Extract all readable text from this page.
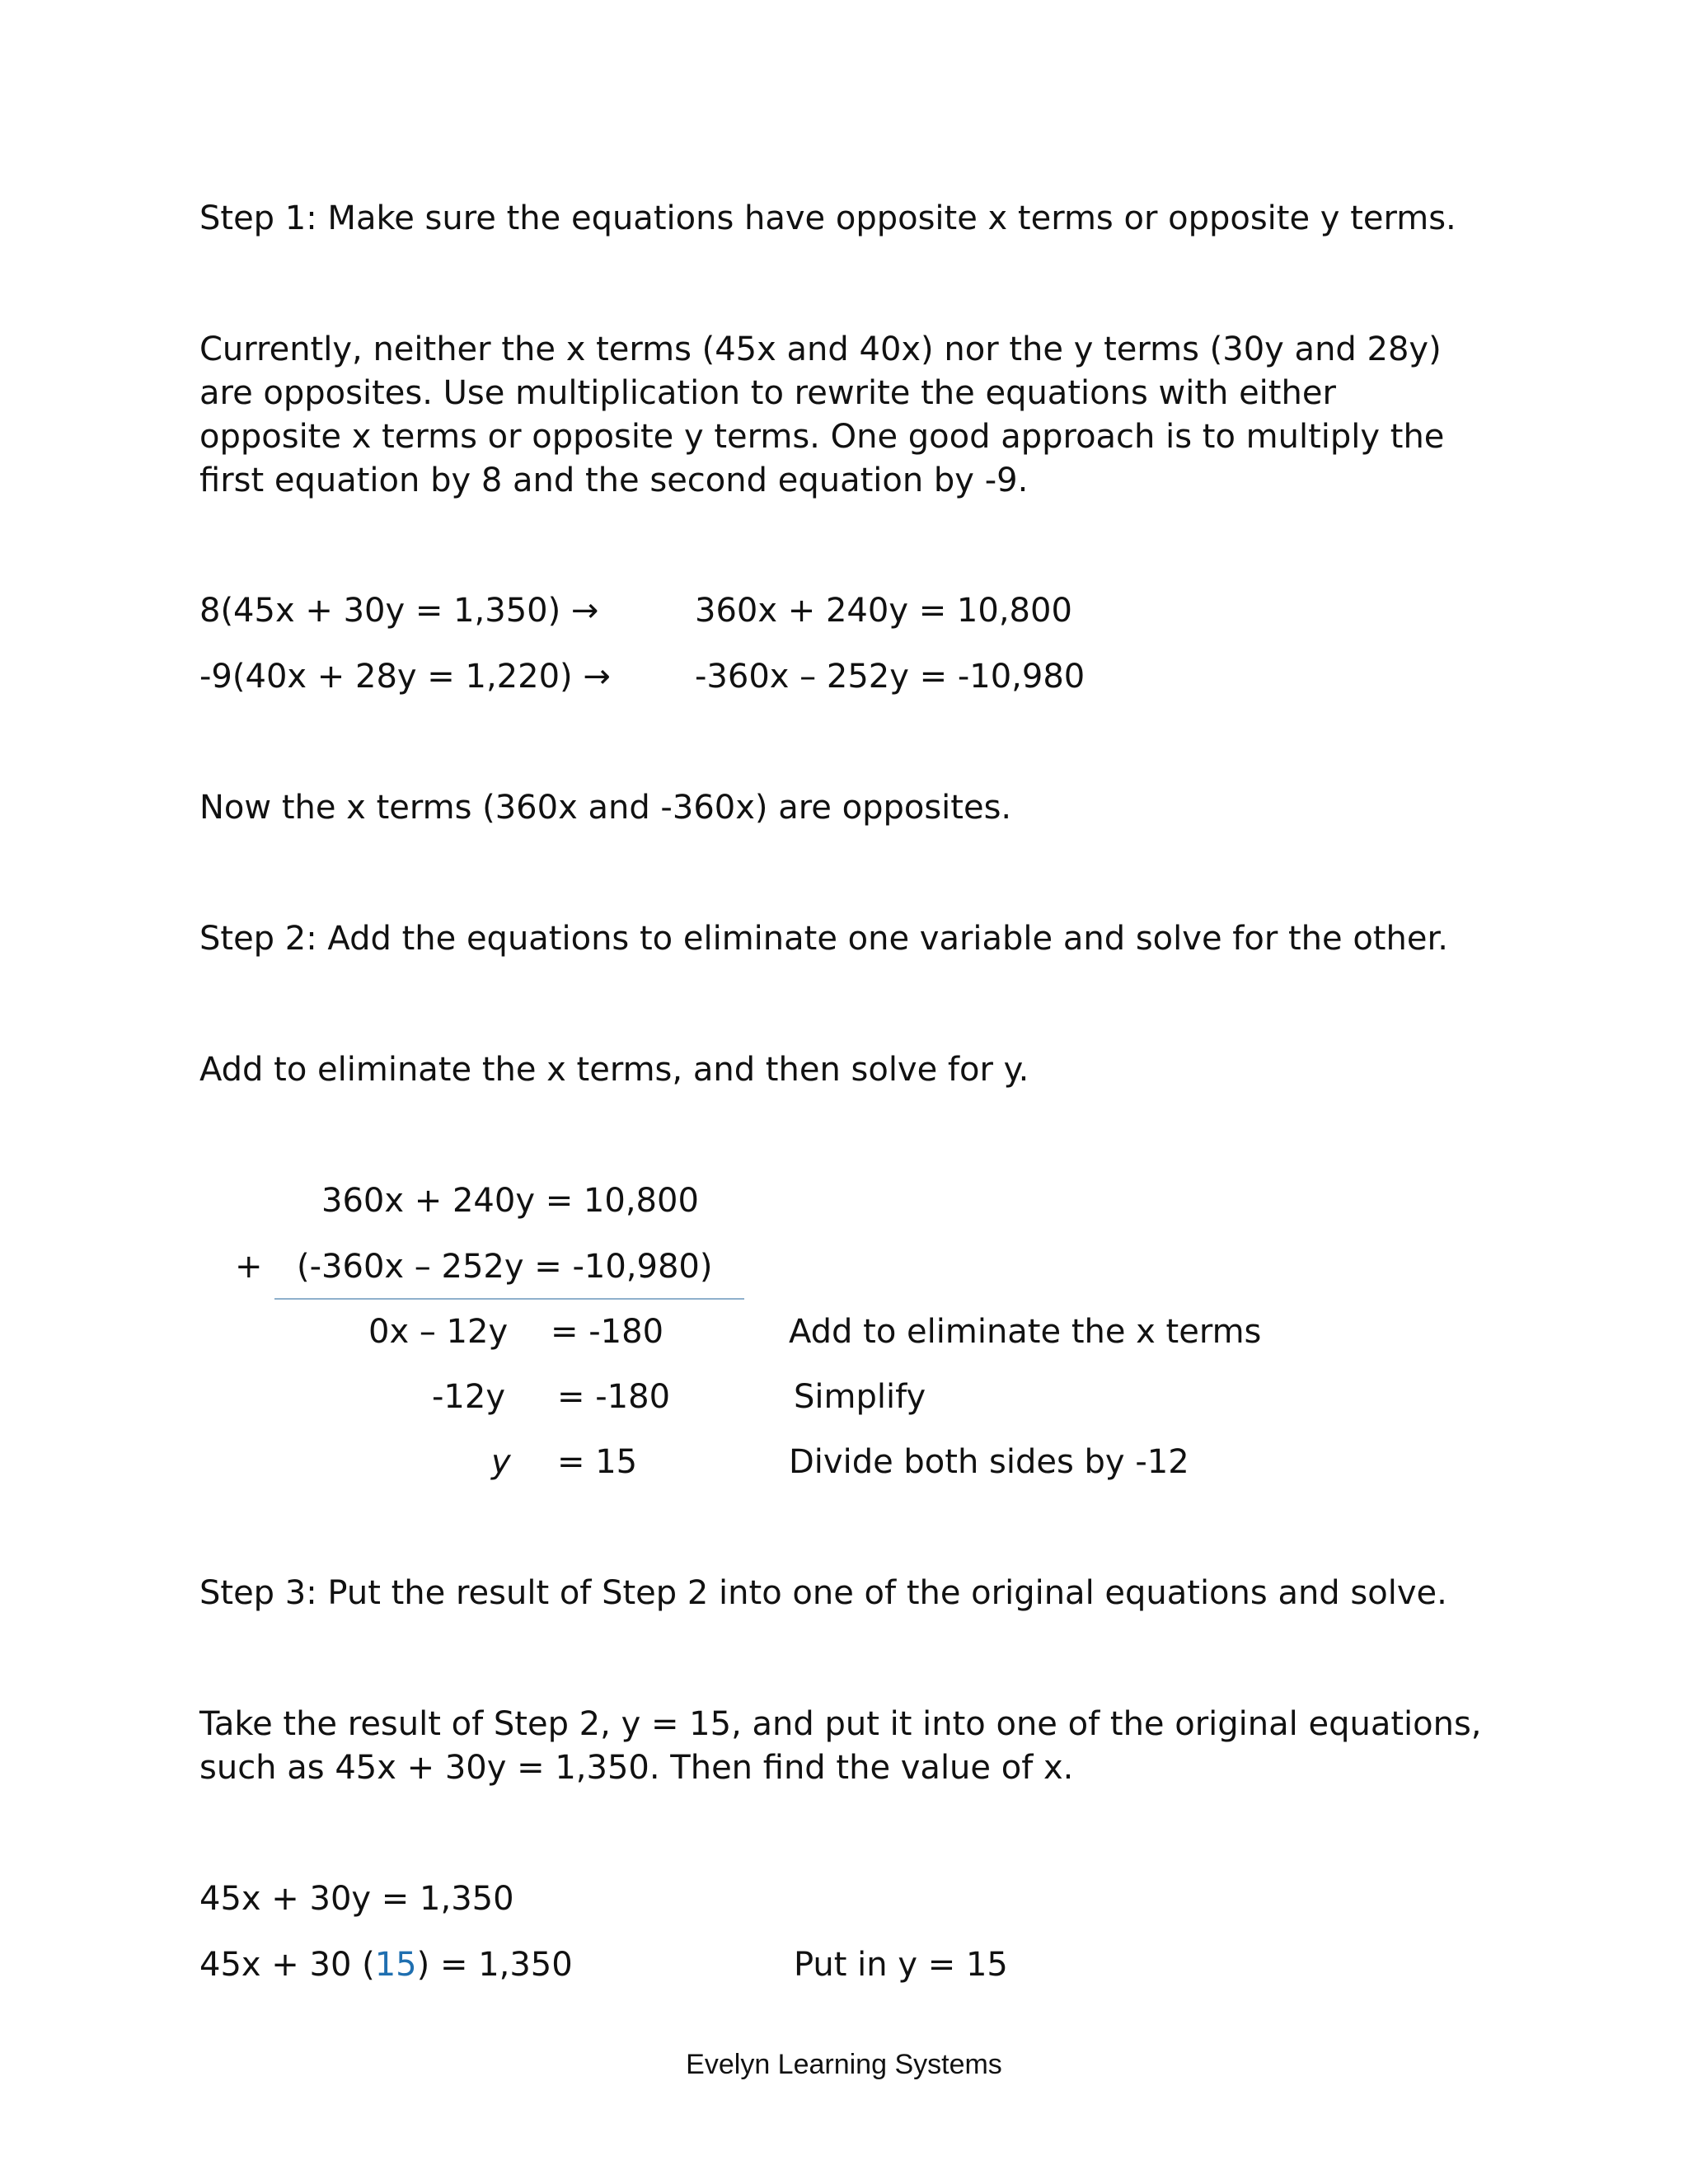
Step 1: Make sure the equations have opposite x terms or opposite y terms.

Currently, neither the x terms (45x and 40x) nor the y terms (30y and 28y) are opposites. Use multiplication to rewrite the equations with either opposite x terms or opposite y terms. One good approach is to multiply the first equation by 8 and the second equation by -9.

8(45x + 30y = 1,350) →	360x + 240y = 10,800
-9(40x + 28y = 1,220) →	-360x – 252y = -10,980
Now the x terms (360x and -360x) are opposites.
Step 2: Add the equations to eliminate one variable and solve for the other.
Add to eliminate the x terms, and then solve for y.
360x + 240y = 10,800
+ (-360x – 252y = -10,980)
0x – 12y = -180	Add to eliminate the x terms
-12y = -180	Simplify
y = 15	Divide both sides by -12
Step 3: Put the result of Step 2 into one of the original equations and solve.

Take the result of Step 2, y = 15, and put it into one of the original equations, such as 45x + 30y = 1,350. Then find the value of x.

45x + 30y = 1,350
45x + 30 (15) = 1,350	Put in y = 15
Evelyn Learning Systems
